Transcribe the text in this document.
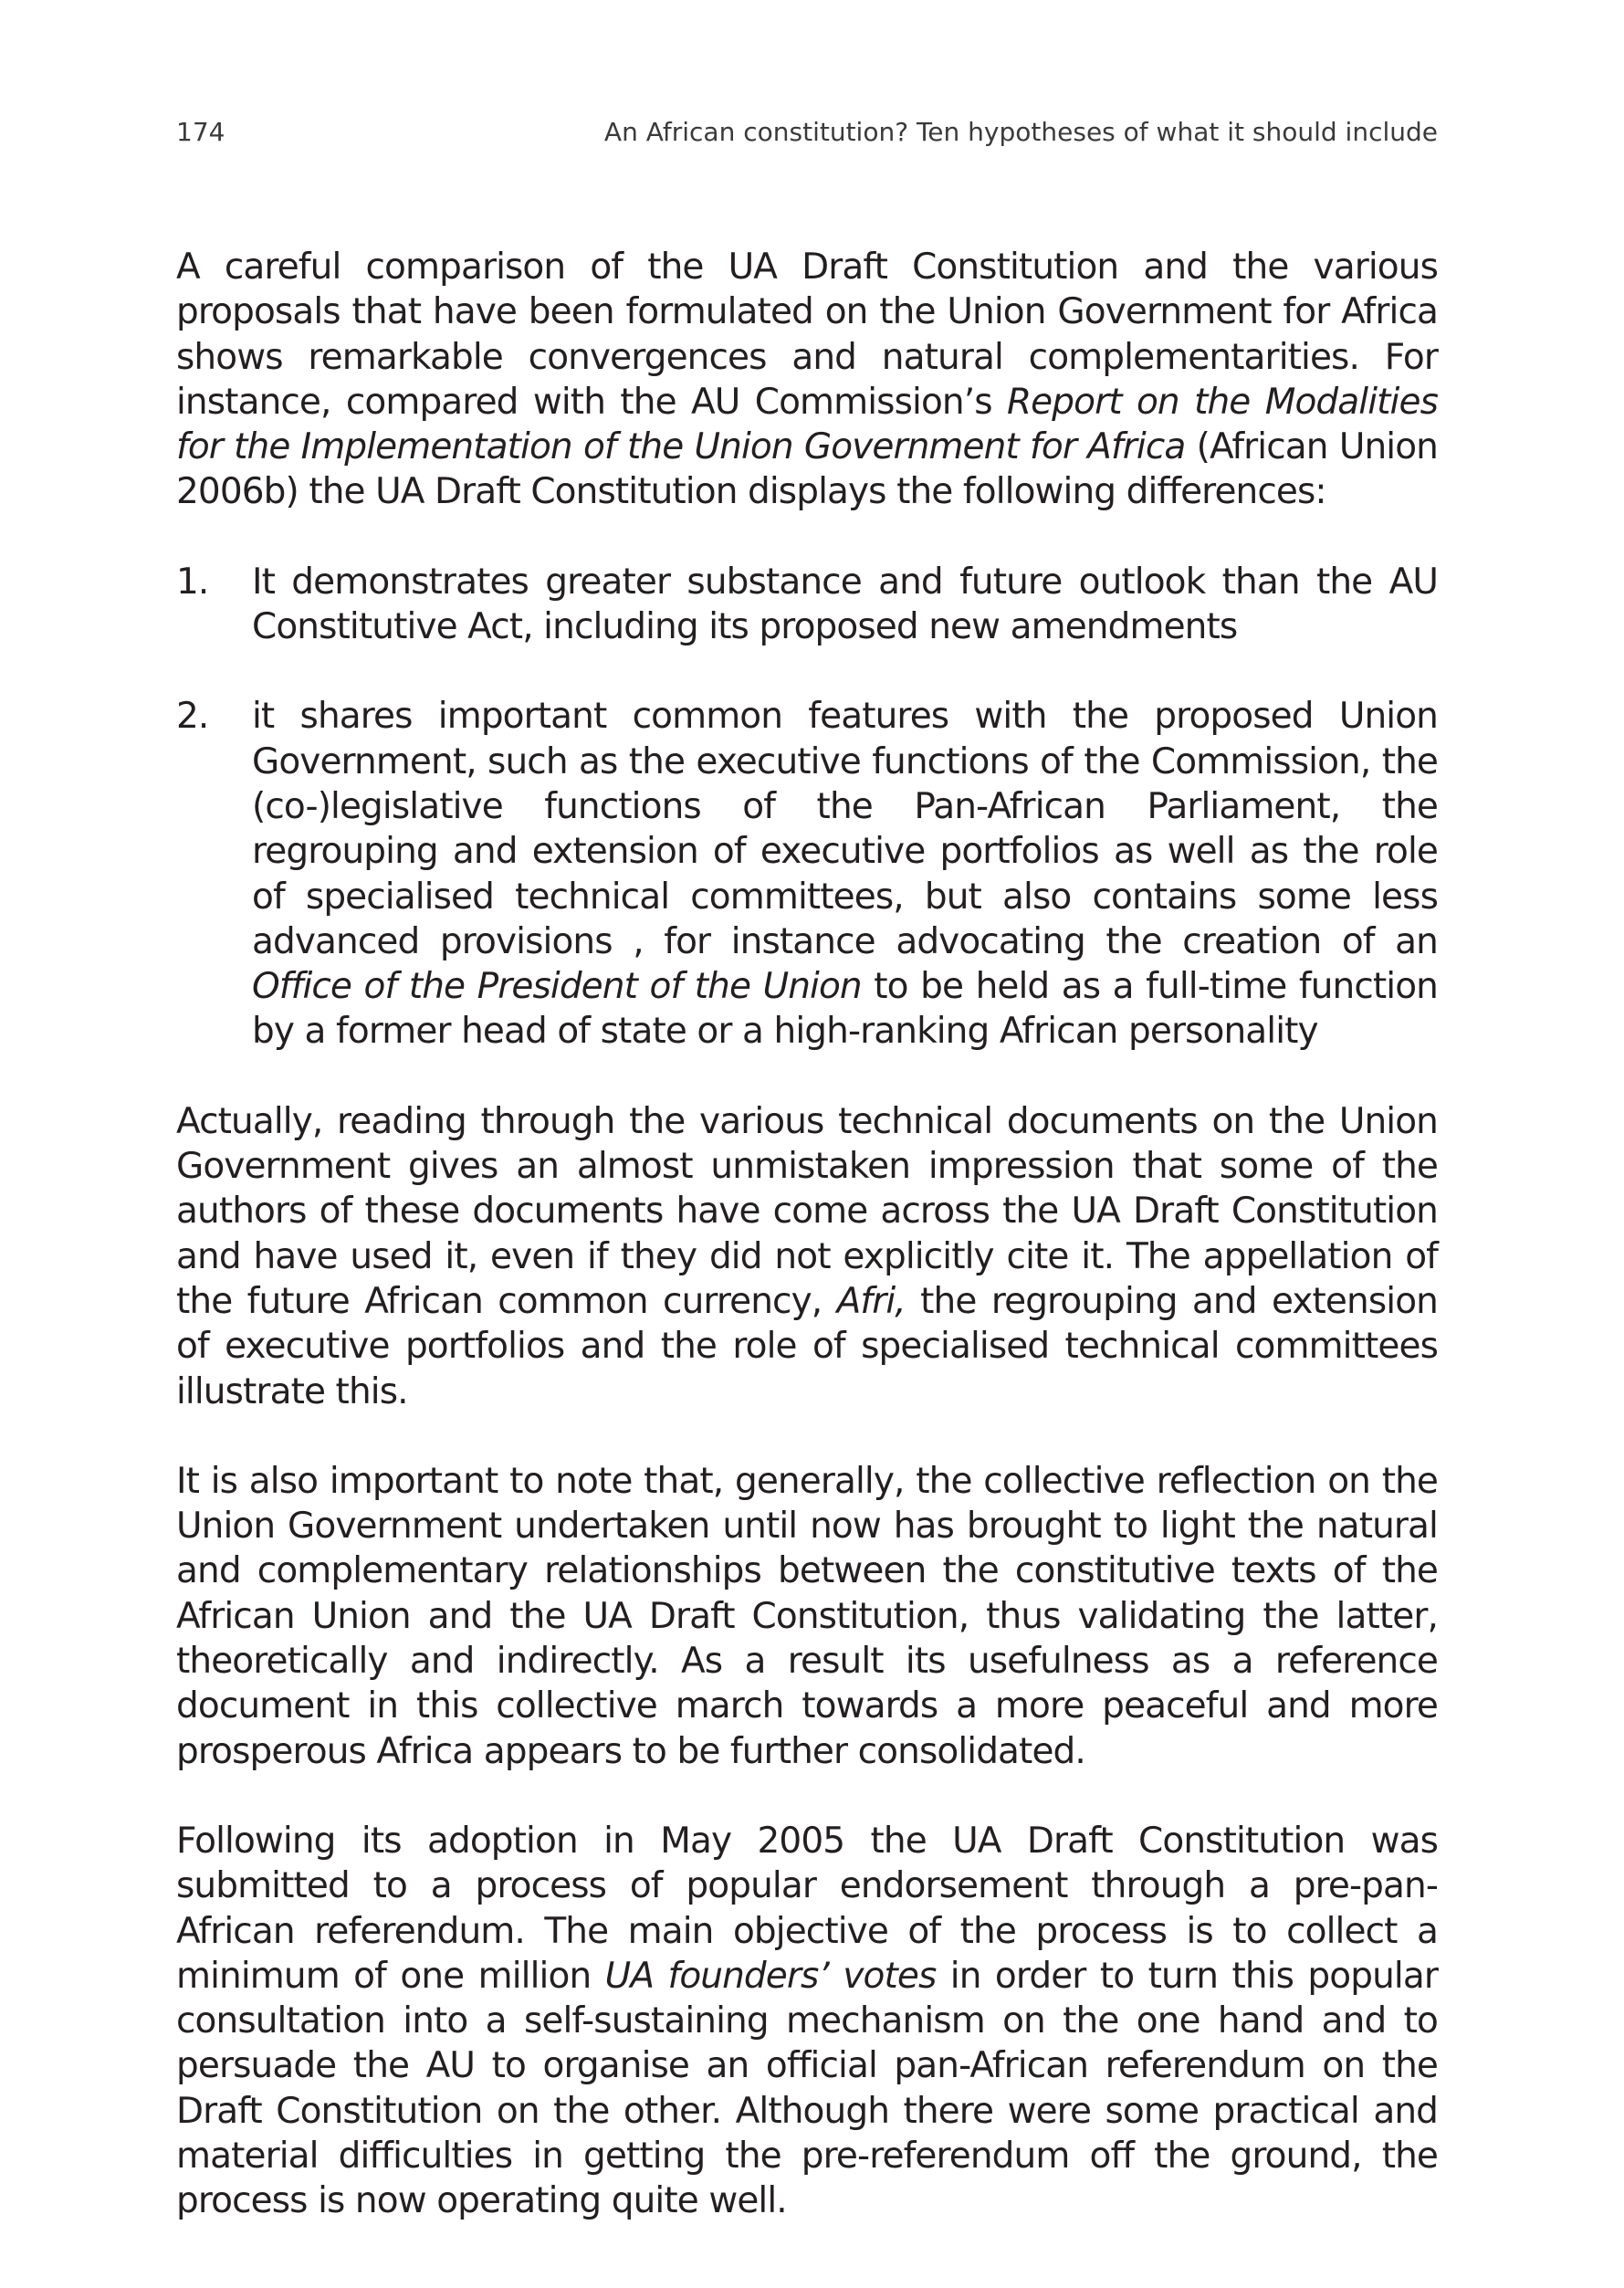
174	An African constitution? Ten hypotheses of what it should include

A careful comparison of the UA Draft Constitution and the various proposals that have been formulated on the Union Government for Africa shows remarkable convergences and natural complementarities. For instance, compared with the AU Commission’s Report on the Modalities for the Implementation of the Union Government for Africa (African Union 2006b) the UA Draft Constitution displays the following differences:

1. It demonstrates greater substance and future outlook than the AU Constitutive Act, including its proposed new amendments
2. it shares important common features with the proposed Union Government, such as the executive functions of the Commission, the (co-)legislative functions of the Pan-African Parliament, the regrouping and extension of executive portfolios as well as the role of specialised technical committees, but also contains some less advanced provisions , for instance advocating the creation of an Office of the President of the Union to be held as a full-time function by a former head of state or a high-ranking African personality

Actually, reading through the various technical documents on the Union Government gives an almost unmistaken impression that some of the authors of these documents have come across the UA Draft Constitution and have used it, even if they did not explicitly cite it. The appellation of the future African common currency, Afri, the regrouping and extension of executive portfolios and the role of specialised technical committees illustrate this.

It is also important to note that, generally, the collective reflection on the Union Government undertaken until now has brought to light the natural and complementary relationships between the constitutive texts of the African Union and the UA Draft Constitution, thus validating the latter, theoretically and indirectly. As a result its usefulness as a reference document in this collective march towards a more peaceful and more prosperous Africa appears to be further consolidated.

Following its adoption in May 2005 the UA Draft Constitution was submitted to a process of popular endorsement through a pre-pan-African referendum. The main objective of the process is to collect a minimum of one million UA founders’ votes in order to turn this popular consultation into a self-sustaining mechanism on the one hand and to persuade the AU to organise an official pan-African referendum on the Draft Constitution on the other. Although there were some practical and material difficulties in getting the pre-referendum off the ground, the process is now operating quite well.
